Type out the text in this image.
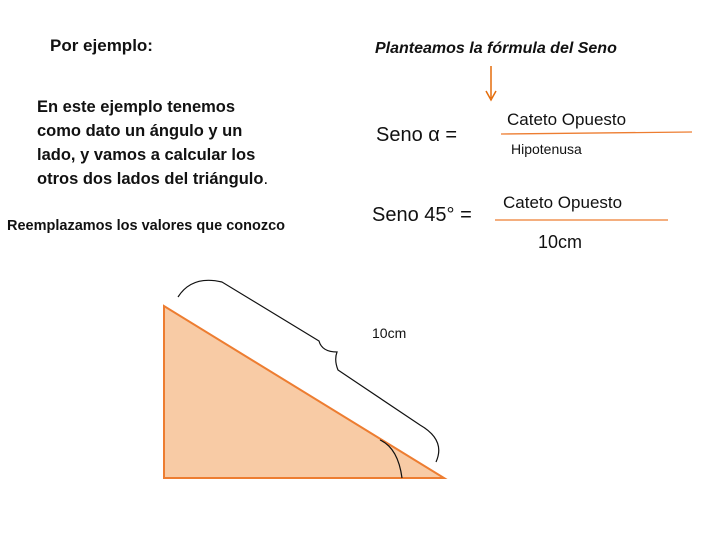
Por ejemplo:
En este ejemplo tenemos
como dato un ángulo y un
lado, y vamos a calcular los
otros dos lados del triángulo.
Reemplazamos los valores que conozco
Planteamos la fórmula del Seno
Seno α =
Cateto Opuesto
Hipotenusa
Seno 45° =
Cateto Opuesto
10cm
10cm
